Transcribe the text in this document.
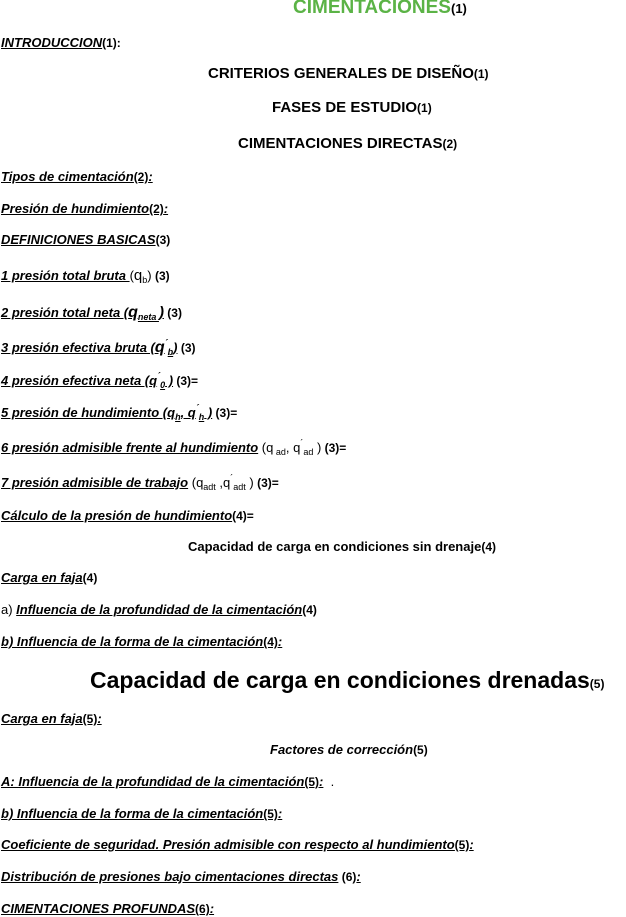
CIMENTACIONES(1)
INTRODUCCION(1):
CRITERIOS GENERALES DE DISEÑO(1)
FASES DE ESTUDIO(1)
CIMENTACIONES DIRECTAS(2)
Tipos de cimentación(2):
Presión de hundimiento(2):
DEFINICIONES BASICAS(3)
1 presión total bruta $(q_b)$ (3)
2 presión total neta ($q_{neta}$ ) (3)
3 presión efectiva bruta $(q^´_b)$ (3)
4 presión efectiva neta ($q^´_0$ ) (3)=
5 presión de hundimiento ($q_h$, $q^´_h$ ) (3)=
6 presión admisible frente al hundimiento (q $_{ad}$, $q^´_{ad}$ ) (3)=
7 presión admisible de trabajo ($q_{adt}$ $,q^´_{adt}$ ) (3)=
Cálculo de la presión de hundimiento(4)=
Capacidad de carga en condiciones sin drenaje(4)
Carga en faja(4)
a) Influencia de la profundidad de la cimentación(4)
b) Influencia de la forma de la cimentación(4):
Capacidad de carga en condiciones drenadas(5)
Carga en faja(5):
Factores de corrección(5)
A: Influencia de la profundidad de la cimentación(5):  .
b) Influencia de la forma de la cimentación(5):
Coeficiente de seguridad. Presión admisible con respecto al hundimiento(5):
Distribución de presiones bajo cimentaciones directas (6):
CIMENTACIONES PROFUNDAS(6):
